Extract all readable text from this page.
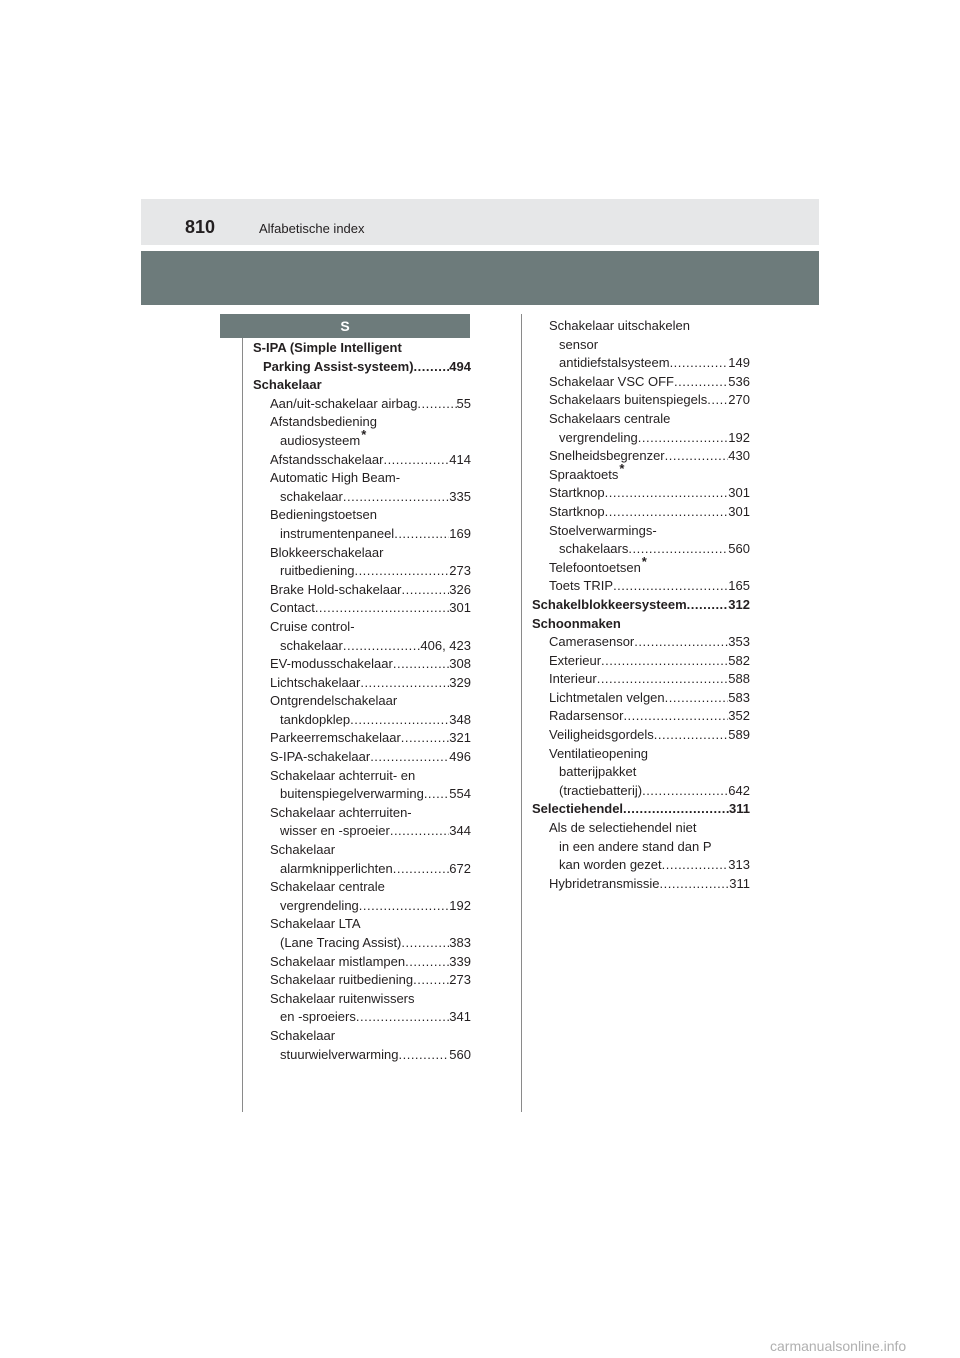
810	Alfabetische index
S
S-IPA (Simple Intelligent
Parking Assist-systeem) .....	494
Schakelaar
Aan/uit-schakelaar airbag .....	55
Afstandsbediening
audiosysteem*
Afstandsschakelaar .....	414
Automatic High Beam-
schakelaar .....	335
Bedieningstoetsen
instrumentenpaneel .....	169
Blokkeerschakelaar
ruitbediening .....	273
Brake Hold-schakelaar .....	326
Contact .....	301
Cruise control-
schakelaar .....	406, 423
EV-modusschakelaar .....	308
Lichtschakelaar .....	329
Ontgrendelschakelaar
tankdopklep .....	348
Parkeerremschakelaar .....	321
S-IPA-schakelaar .....	496
Schakelaar achterruit- en
buitenspiegelverwarming ..... 554
Schakelaar achterruiten-
wisser en -sproeier .....	344
Schakelaar
alarmknipperlichten .....	672
Schakelaar centrale
vergrendeling .....	192
Schakelaar LTA
(Lane Tracing Assist) .....	383
Schakelaar mistlampen .....	339
Schakelaar ruitbediening .....	273
Schakelaar ruitenwissers
en -sproeiers .....	341
Schakelaar
stuurwielverwarming .....	560
Schakelaar uitschakelen
sensor
antidiefstalsysteem .....	149
Schakelaar VSC OFF .....	536
Schakelaars buitenspiegels ..... 270
Schakelaars centrale
vergrendeling .....	192
Snelheidsbegrenzer .....	430
Spraaktoets*
Startknop .....	301
Startknop .....	301
Stoelverwarmings-
schakelaars .....	560
Telefoontoetsen*
Toets TRIP .....	165
Schakelblokkeersysteem .....	312
Schoonmaken
Camerasensor .....	353
Exterieur .....	582
Interieur .....	588
Lichtmetalen velgen .....	583
Radarsensor .....	352
Veiligheidsgordels .....	589
Ventilatieopening
batterijpakket
(tractiebatterij) .....	642
Selectiehendel .....	311
Als de selectiehendel niet
in een andere stand dan P
kan worden gezet .....	313
Hybridetransmissie .....	311
carmanualsonline.info
